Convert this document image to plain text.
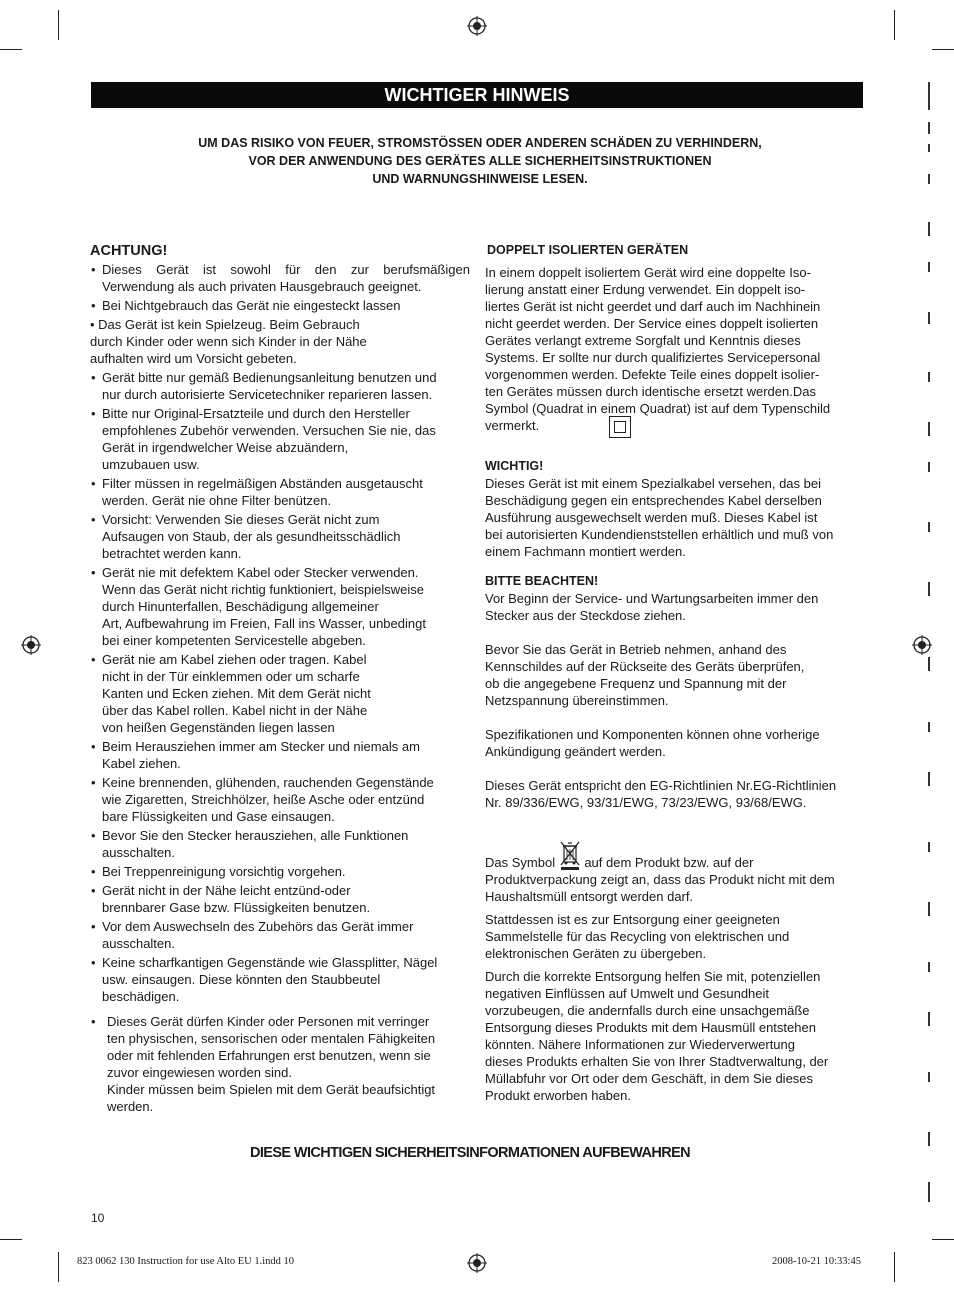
WICHTIGER HINWEIS
UM DAS RISIKO VON FEUER, STROMSTÖSSEN ODER ANDEREN SCHÄDEN ZU VERHINDERN,
VOR DER ANWENDUNG DES GERÄTES ALLE SICHERHEITSINSTRUKTIONEN
UND WARNUNGSHINWEISE LESEN.
ACHTUNG!
• Dieses Gerät ist sowohl für den zur berufsmäßigen
Verwendung als auch privaten Hausgebrauch geeignet.
• Bei Nichtgebrauch das Gerät nie eingesteckt lassen
• Das Gerät ist kein Spielzeug. Beim Gebrauch
durch Kinder oder wenn sich Kinder in der Nähe
aufhalten wird um Vorsicht gebeten.
• Gerät bitte nur gemäß Bedienungsanleitung benutzen und
nur durch autorisierte Servicetechniker reparieren lassen.
• Bitte nur Original-Ersatzteile und durch den Hersteller
empfohlenes Zubehör verwenden. Versuchen Sie nie, das
Gerät in irgendwelcher Weise abzuändern,
umzubauen usw.
• Filter müssen in regelmäßigen Abständen ausgetauscht
werden. Gerät nie ohne Filter benützen.
• Vorsicht: Verwenden Sie dieses Gerät nicht zum
Aufsaugen von Staub, der als gesundheitsschädlich
betrachtet werden kann.
• Gerät nie mit defektem Kabel oder Stecker verwenden.
Wenn das Gerät nicht richtig funktioniert, beispielsweise
durch Hinunterfallen, Beschädigung allgemeiner
Art, Aufbewahrung im Freien, Fall ins Wasser, unbedingt
bei einer kompetenten Servicestelle abgeben.
• Gerät nie am Kabel ziehen oder tragen. Kabel
nicht in der Tür einklemmen oder um scharfe
Kanten und Ecken ziehen. Mit dem Gerät nicht
über das Kabel rollen. Kabel nicht in der Nähe
von heißen Gegenständen liegen lassen
• Beim Herausziehen immer am Stecker und niemals am
Kabel ziehen.
• Keine brennenden, glühenden, rauchenden Gegenstände
wie Zigaretten, Streichhölzer, heiße Asche oder entzünd
bare Flüssigkeiten und Gase einsaugen.
• Bevor Sie den Stecker herausziehen, alle Funktionen
ausschalten.
• Bei Treppenreinigung vorsichtig vorgehen.
• Gerät nicht in der Nähe leicht entzünd-oder
brennbarer Gase bzw. Flüssigkeiten benutzen.
• Vor dem Auswechseln des Zubehörs das Gerät immer
ausschalten.
• Keine scharfkantigen Gegenstände wie Glassplitter, Nägel
usw. einsaugen. Diese könnten den Staubbeutel
beschädigen.
• Dieses Gerät dürfen Kinder oder Personen mit verringer
ten physischen, sensorischen oder mentalen Fähigkeiten
oder mit fehlenden Erfahrungen erst benutzen, wenn sie
zuvor eingewiesen worden sind.
Kinder müssen beim Spielen mit dem Gerät beaufsichtigt
werden.
DOPPELT ISOLIERTEN GERÄTEN
In einem doppelt isoliertem Gerät wird eine doppelte Iso-
lierung anstatt einer Erdung verwendet. Ein doppelt iso-
liertes Gerät ist nicht geerdet und darf auch im Nachhinein
nicht geerdet werden. Der Service eines doppelt isolierten
Gerätes verlangt extreme Sorgfalt und Kenntnis dieses
Systems. Er sollte nur durch qualifiziertes Servicepersonal
vorgenommen werden. Defekte Teile eines doppelt isolier-
ten Gerätes müssen durch identische ersetzt werden.Das
Symbol (Quadrat in einem Quadrat) ist auf dem Typenschild
vermerkt.
WICHTIG!
Dieses Gerät ist mit einem Spezialkabel versehen, das bei
Beschädigung gegen ein entsprechendes Kabel derselben
Ausführung ausgewechselt werden muß. Dieses Kabel ist
bei autorisierten Kundendienststellen erhältlich und muß von
einem Fachmann montiert werden.
BITTE BEACHTEN!
Vor Beginn der Service- und Wartungsarbeiten immer den
Stecker aus der Steckdose ziehen.
Bevor Sie das Gerät in Betrieb nehmen, anhand des
Kennschildes auf der Rückseite des Geräts überprüfen,
ob die angegebene Frequenz und Spannung mit der
Netzspannung übereinstimmen.
Spezifikationen und Komponenten können ohne vorherige
Ankündigung geändert werden.
Dieses Gerät entspricht den EG-Richtlinien Nr.EG-Richtlinien
Nr. 89/336/EWG, 93/31/EWG, 73/23/EWG, 93/68/EWG.
Das Symbol auf dem Produkt bzw. auf der
Produktverpackung zeigt an, dass das Produkt nicht mit dem
Haushaltsmüll entsorgt werden darf.
Stattdessen ist es zur Entsorgung einer geeigneten
Sammelstelle für das Recycling von elektrischen und
elektronischen Geräten zu übergeben.
Durch die korrekte Entsorgung helfen Sie mit, potenziellen
negativen Einflüssen auf Umwelt und Gesundheit
vorzubeugen, die andernfalls durch eine unsachgemäße
Entsorgung dieses Produkts mit dem Hausmüll entstehen
könnten. Nähere Informationen zur Wiederverwertung
dieses Produkts erhalten Sie von Ihrer Stadtverwaltung, der
Müllabfuhr vor Ort oder dem Geschäft, in dem Sie dieses
Produkt erworben haben.
DIESE WICHTIGEN SICHERHEITSINFORMATIONEN AUFBEWAHREN
10
823 0062 130 Instruction for use Alto EU 1.indd 10	2008-10-21 10:33:45
